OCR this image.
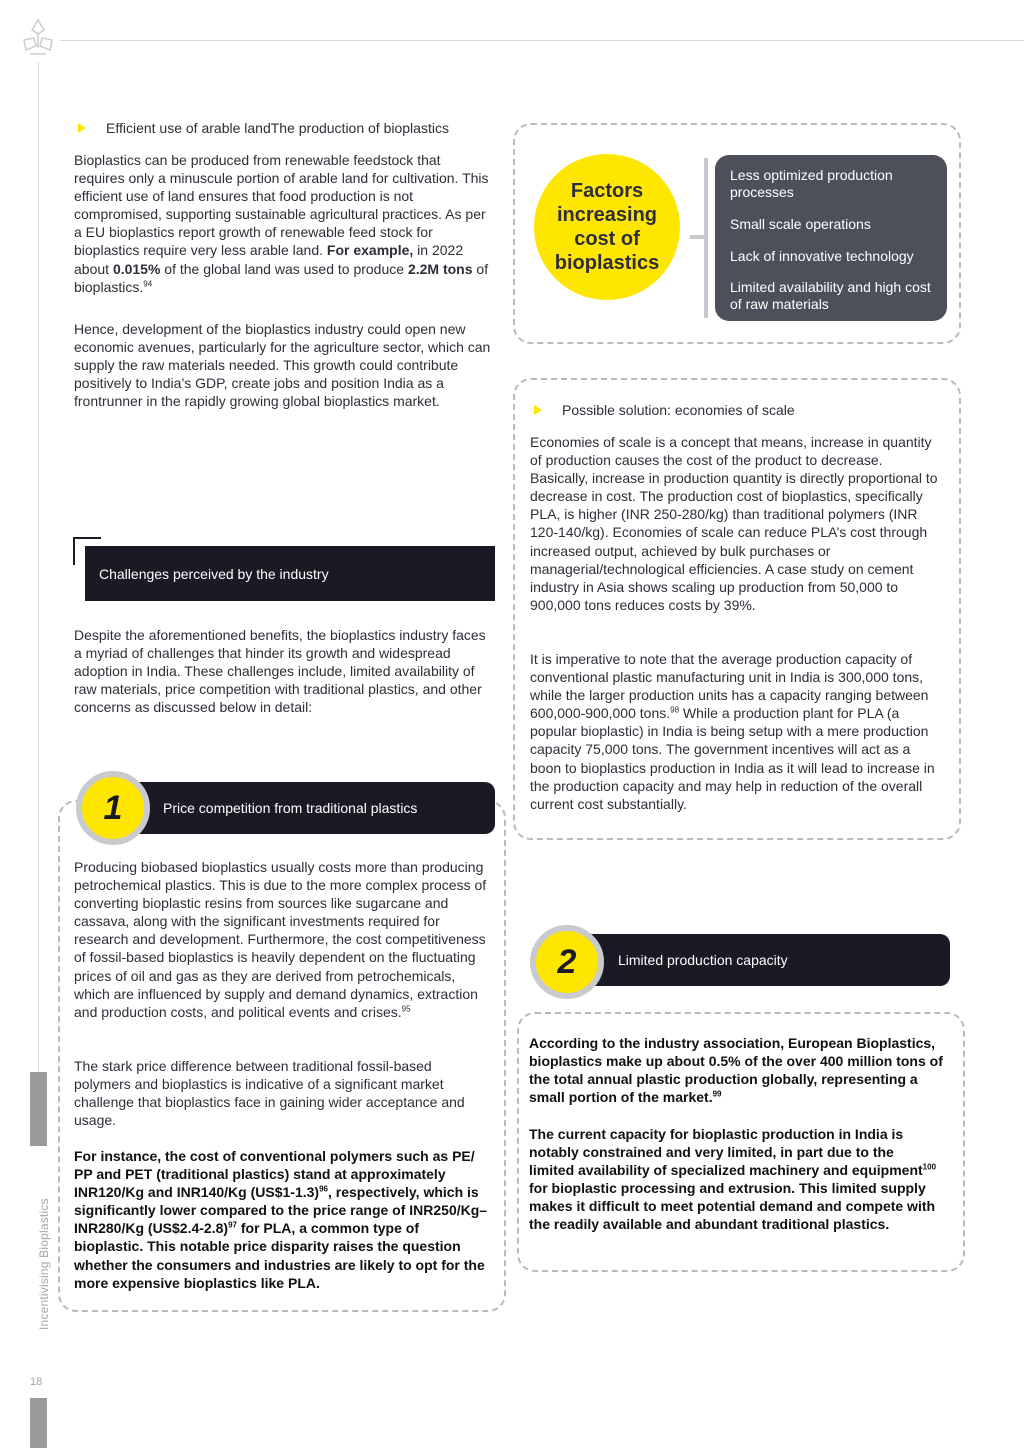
Incentivising Bioplastics
18
Efficient use of arable landThe production of bioplastics

Bioplastics can be produced from renewable feedstock that requires only a minuscule portion of arable land for cultivation. This efficient use of land ensures that food production is not compromised, supporting sustainable agricultural practices. As per a EU bioplastics report growth of renewable feed stock for bioplastics require very less arable land. For example, in 2022 about 0.015% of the global land was used to produce 2.2M tons of bioplastics.$^{94}$

Hence, development of the bioplastics industry could open new economic avenues, particularly for the agriculture sector, which can supply the raw materials needed. This growth could contribute positively to India’s GDP, create jobs and position India as a frontrunner in the rapidly growing global bioplastics market.

Challenges perceived by the industry

Despite the aforementioned benefits, the bioplastics industry faces a myriad of challenges that hinder its growth and widespread adoption in India. These challenges include, limited availability of raw materials, price competition with traditional plastics, and other concerns as discussed below in detail:

Price competition from traditional plastics
1

Producing biobased bioplastics usually costs more than producing petrochemical plastics. This is due to the more complex process of converting bioplastic resins from sources like sugarcane and cassava, along with the significant investments required for research and development. Furthermore, the cost competitiveness of fossil-based bioplastics is heavily dependent on the fluctuating prices of oil and gas as they are derived from petrochemicals, which are influenced by supply and demand dynamics, extraction and production costs, and political events and crises.$^{95}$

The stark price difference between traditional fossil-based polymers and bioplastics is indicative of a significant market challenge that bioplastics face in gaining wider acceptance and usage.

For instance, the cost of conventional polymers such as PE/ PP and PET (traditional plastics) stand at approximately INR120/Kg and INR140/Kg (US$1-1.3)$^{96}$, respectively, which is significantly lower compared to the price range of INR250/Kg–INR280/Kg (US$2.4-2.8)$^{97}$ for PLA, a common type of bioplastic. This notable price disparity raises the question whether the consumers and industries are likely to opt for the more expensive bioplastics like PLA.

Factors increasing cost of bioplastics
Less optimized production processes
Small scale operations
Lack of innovative technology
Limited availability and high cost of raw materials
Possible solution: economies of scale

Economies of scale is a concept that means, increase in quantity of production causes the cost of the product to decrease. Basically, increase in production quantity is directly proportional to decrease in cost. The production cost of bioplastics, specifically PLA, is higher (INR 250-280/kg) than traditional polymers (INR 120-140/kg). Economies of scale can reduce PLA’s cost through increased output, achieved by bulk purchases or managerial/technological efficiencies. A case study on cement industry in Asia shows scaling up production from 50,000 to 900,000 tons reduces costs by 39%.

It is imperative to note that the average production capacity of conventional plastic manufacturing unit in India is 300,000 tons, while the larger production units has a capacity ranging between 600,000-900,000 tons.$^{98}$ While a production plant for PLA (a popular bioplastic) in India is being setup with a mere production capacity 75,000 tons. The government incentives will act as a boon to bioplastics production in India as it will lead to increase in the production capacity and may help in reduction of the overall current cost substantially.

Limited production capacity
2

According to the industry association, European Bioplastics, bioplastics make up about 0.5% of the over 400 million tons of the total annual plastic production globally, representing a small portion of the market.$^{99}$

The current capacity for bioplastic production in India is notably constrained and very limited, in part due to the limited availability of specialized machinery and equipment$^{100}$ for bioplastic processing and extrusion. This limited supply makes it difficult to meet potential demand and compete with the readily available and abundant traditional plastics.
